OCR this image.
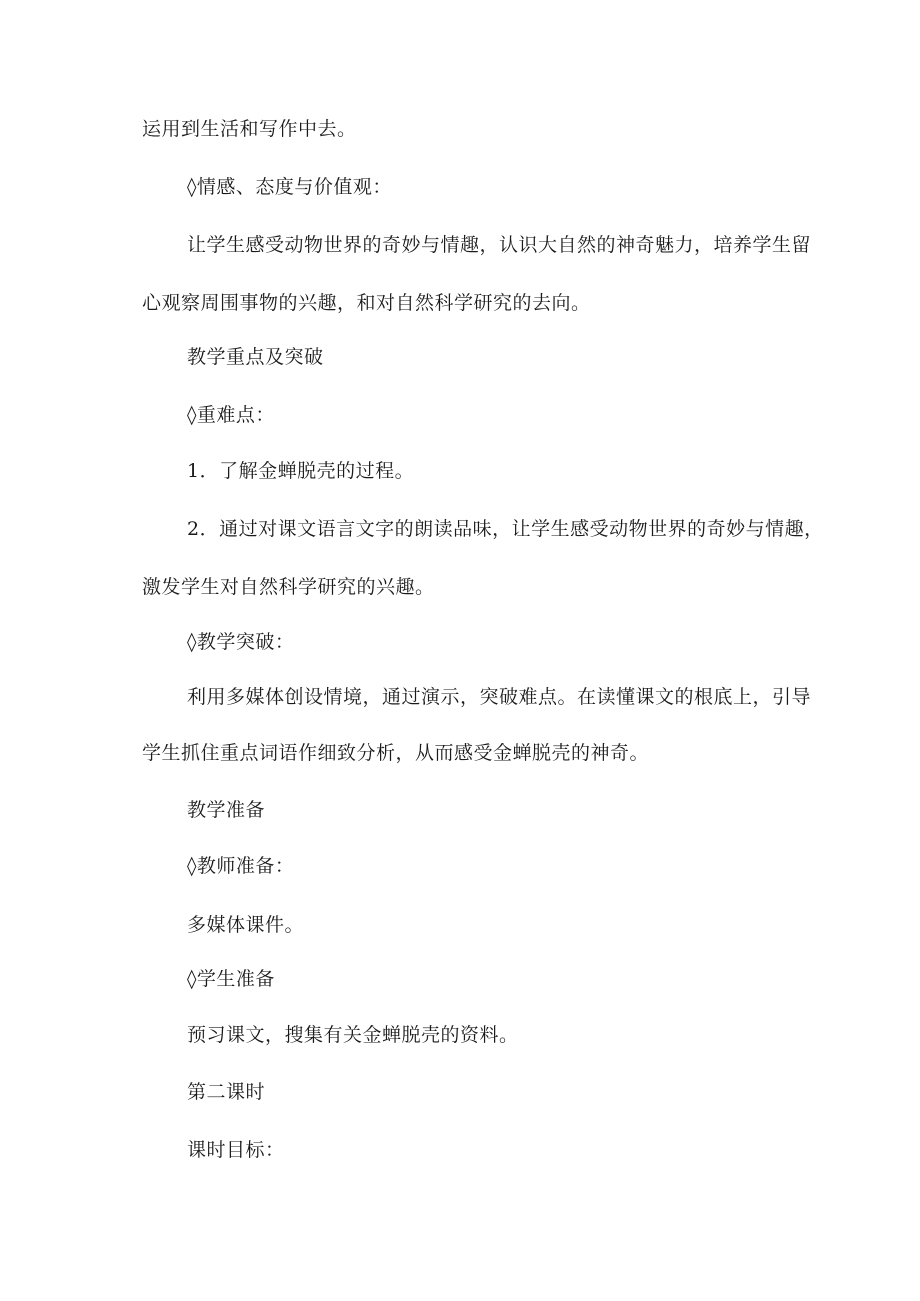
运用到生活和写作中去。
◊情感、态度与价值观：
让学生感受动物世界的奇妙与情趣，认识大自然的神奇魅力，培养学生留
心观察周围事物的兴趣，和对自然科学研究的去向。
教学重点及突破
◊重难点：
1．了解金蝉脱壳的过程。
2．通过对课文语言文字的朗读品味，让学生感受动物世界的奇妙与情趣，
激发学生对自然科学研究的兴趣。
◊教学突破：
利用多媒体创设情境，通过演示，突破难点。在读懂课文的根底上，引导
学生抓住重点词语作细致分析，从而感受金蝉脱壳的神奇。
教学准备
◊教师准备：
多媒体课件。
◊学生准备
预习课文，搜集有关金蝉脱壳的资料。
第二课时
课时目标：
